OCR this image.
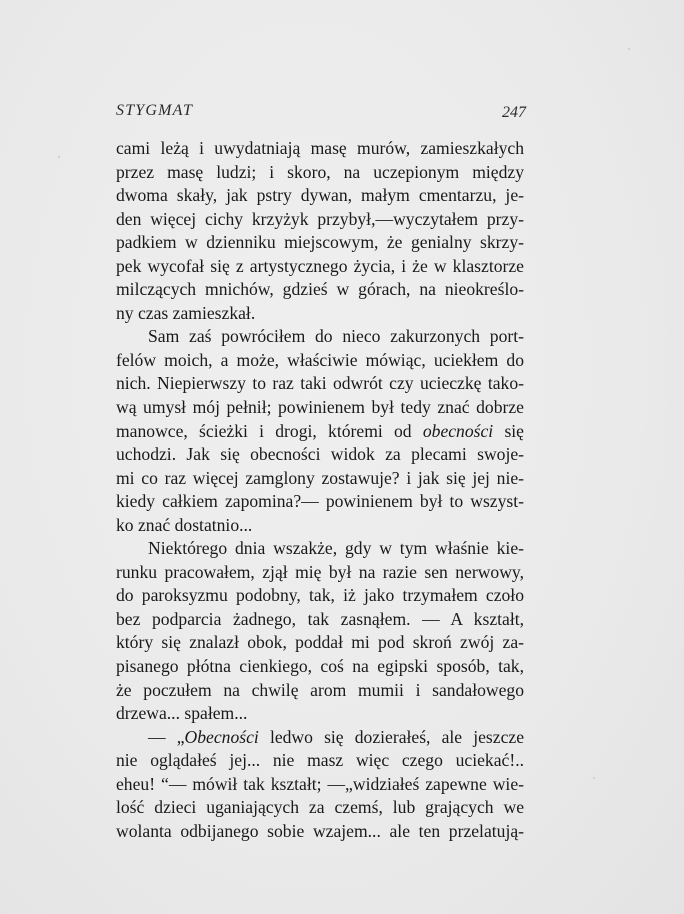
STYGMAT	247
cami leżą i uwydatniają masę murów, zamieszkałych
przez masę ludzi; i skoro, na uczepionym między
dwoma skały, jak pstry dywan, małym cmentarzu, je-
den więcej cichy krzyżyk przybył,—wyczytałem przy-
padkiem w dzienniku miejscowym, że genialny skrzy-
pek wycofał się z artystycznego życia, i że w klasztorze
milczących mnichów, gdzieś w górach, na nieokreślo-
ny czas zamieszkał.
Sam zaś powróciłem do nieco zakurzonych port-
felów moich, a może, właściwie mówiąc, uciekłem do
nich. Niepierwszy to raz taki odwrót czy ucieczkę tako-
wą umysł mój pełnił; powinienem był tedy znać dobrze
manowce, ścieżki i drogi, któremi od obecności się
uchodzi. Jak się obecności widok za plecami swoje-
mi co raz więcej zamglony zostawuje? i jak się jej nie-
kiedy całkiem zapomina?— powinienem był to wszyst-
ko znać dostatnio...
Niektórego dnia wszakże, gdy w tym właśnie kie-
runku pracowałem, zjął mię był na razie sen nerwowy,
do paroksyzmu podobny, tak, iż jako trzymałem czoło
bez podparcia żadnego, tak zasnąłem. — A kształt,
który się znalazł obok, poddał mi pod skroń zwój za-
pisanego płótna cienkiego, coś na egipski sposób, tak,
że poczułem na chwilę arom mumii i sandałowego
drzewa... spałem...
— „Obecności ledwo się dozierałeś, ale jeszcze
nie oglądałeś jej... nie masz więc czego uciekać!..
eheu! “— mówił tak kształt; —„widziałeś zapewne wie-
lość dzieci uganiających za czemś, lub grających we
wolanta odbijanego sobie wzajem... ale ten przelatują-
